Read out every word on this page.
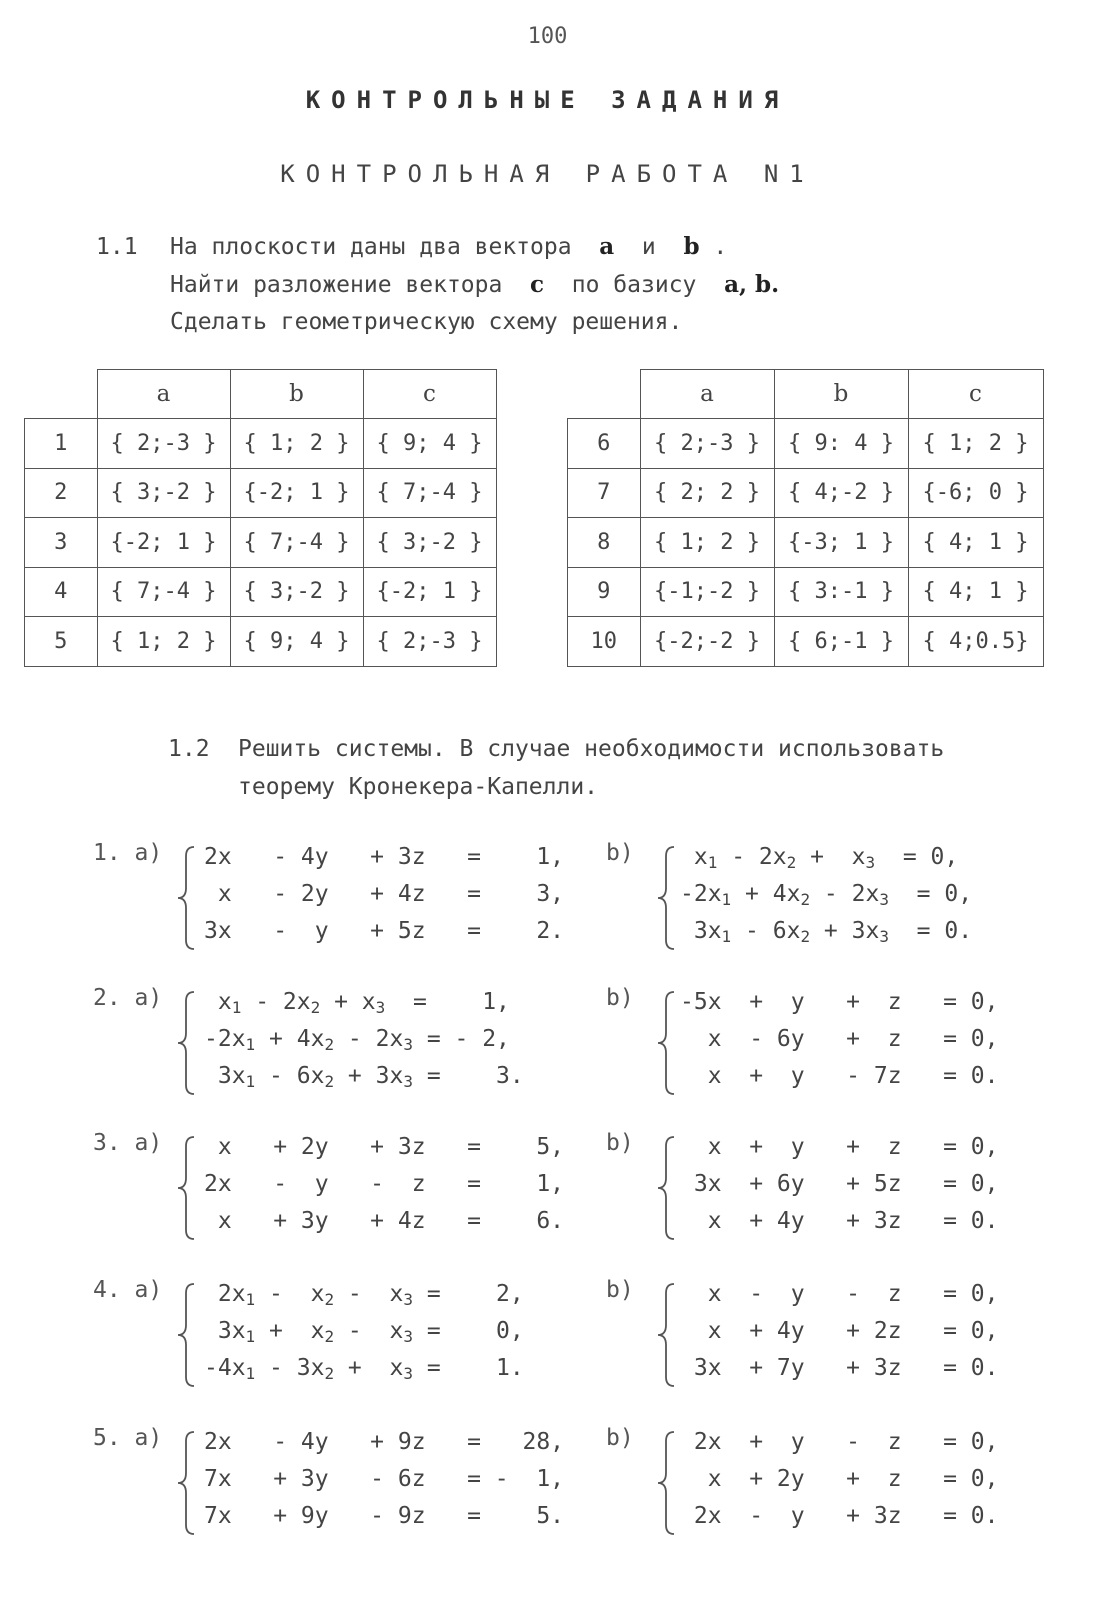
100
КОНТРОЛЬНЫЕ ЗАДАНИЯ
КОНТРОЛЬНАЯ РАБОТА N1
1.1 На плоскости даны два вектора a и b .
Найти разложение вектора c по базису a, b.
Сделать геометрическую схему решения.
	a	b	c
1	{ 2;-3 }	{ 1; 2 }	{ 9; 4 }
2	{ 3;-2 }	{-2; 1 }	{ 7;-4 }
3	{-2; 1 }	{ 7;-4 }	{ 3;-2 }
4	{ 7;-4 }	{ 3;-2 }	{-2; 1 }
5	{ 1; 2 }	{ 9; 4 }	{ 2;-3 }
	a	b	c
6	{ 2;-3 }	{ 9: 4 }	{ 1; 2 }
7	{ 2; 2 }	{ 4;-2 }	{-6; 0 }
8	{ 1; 2 }	{-3; 1 }	{ 4; 1 }
9	{-1;-2 }	{ 3:-1 }	{ 4; 1 }
10	{-2;-2 }	{ 6;-1 }	{ 4;0.5}
1.2 Решить системы. В случае необходимости использовать
теорему Кронекера-Капелли.
1. a) 2x   - 4y   + 3z   =    1,
x   - 2y   + 4z   =    3,
3x   -  y   + 5z   =    2.
b) $x_1 - 2x_2 + x_3 = 0$,
$-2x_1 + 4x_2 - 2x_3 = 0$,
$3x_1 - 6x_2 + 3x_3 = 0$.
2. a) $x_1 - 2x_2 + x_3$  =    1,
$-2x_1 + 4x_2 - 2x_3$ = - 2,
$3x_1 - 6x_2 + 3x_3$ =    3.
b) -5x  +  y   +  z   = 0,
x  - 6y   +  z   = 0,
x  +  y   - 7z   = 0.
3. a) x   + 2y   + 3z   =    5,
2x   -  y   -  z   =    1,
x   + 3y   + 4z   =    6.
b) x  +  y   +  z   = 0,
3x  + 6y   + 5z   = 0,
x  + 4y   + 3z   = 0.
4. a) $2x_1 - x_2 - x_3$ =    2,
$3x_1 + x_2 - x_3$ =    0,
$-4x_1 - 3x_2 + x_3$ =    1.
b) x  -  y   -  z   = 0,
x  + 4y   + 2z   = 0,
3x  + 7y   + 3z   = 0.
5. a) 2x   - 4y   + 9z   =   28,
7x   + 3y   - 6z   = -  1,
7x   + 9y   - 9z   =    5.
b) 2x  +  y   -  z   = 0,
x  + 2y   +  z   = 0,
2x  -  y   + 3z   = 0.
